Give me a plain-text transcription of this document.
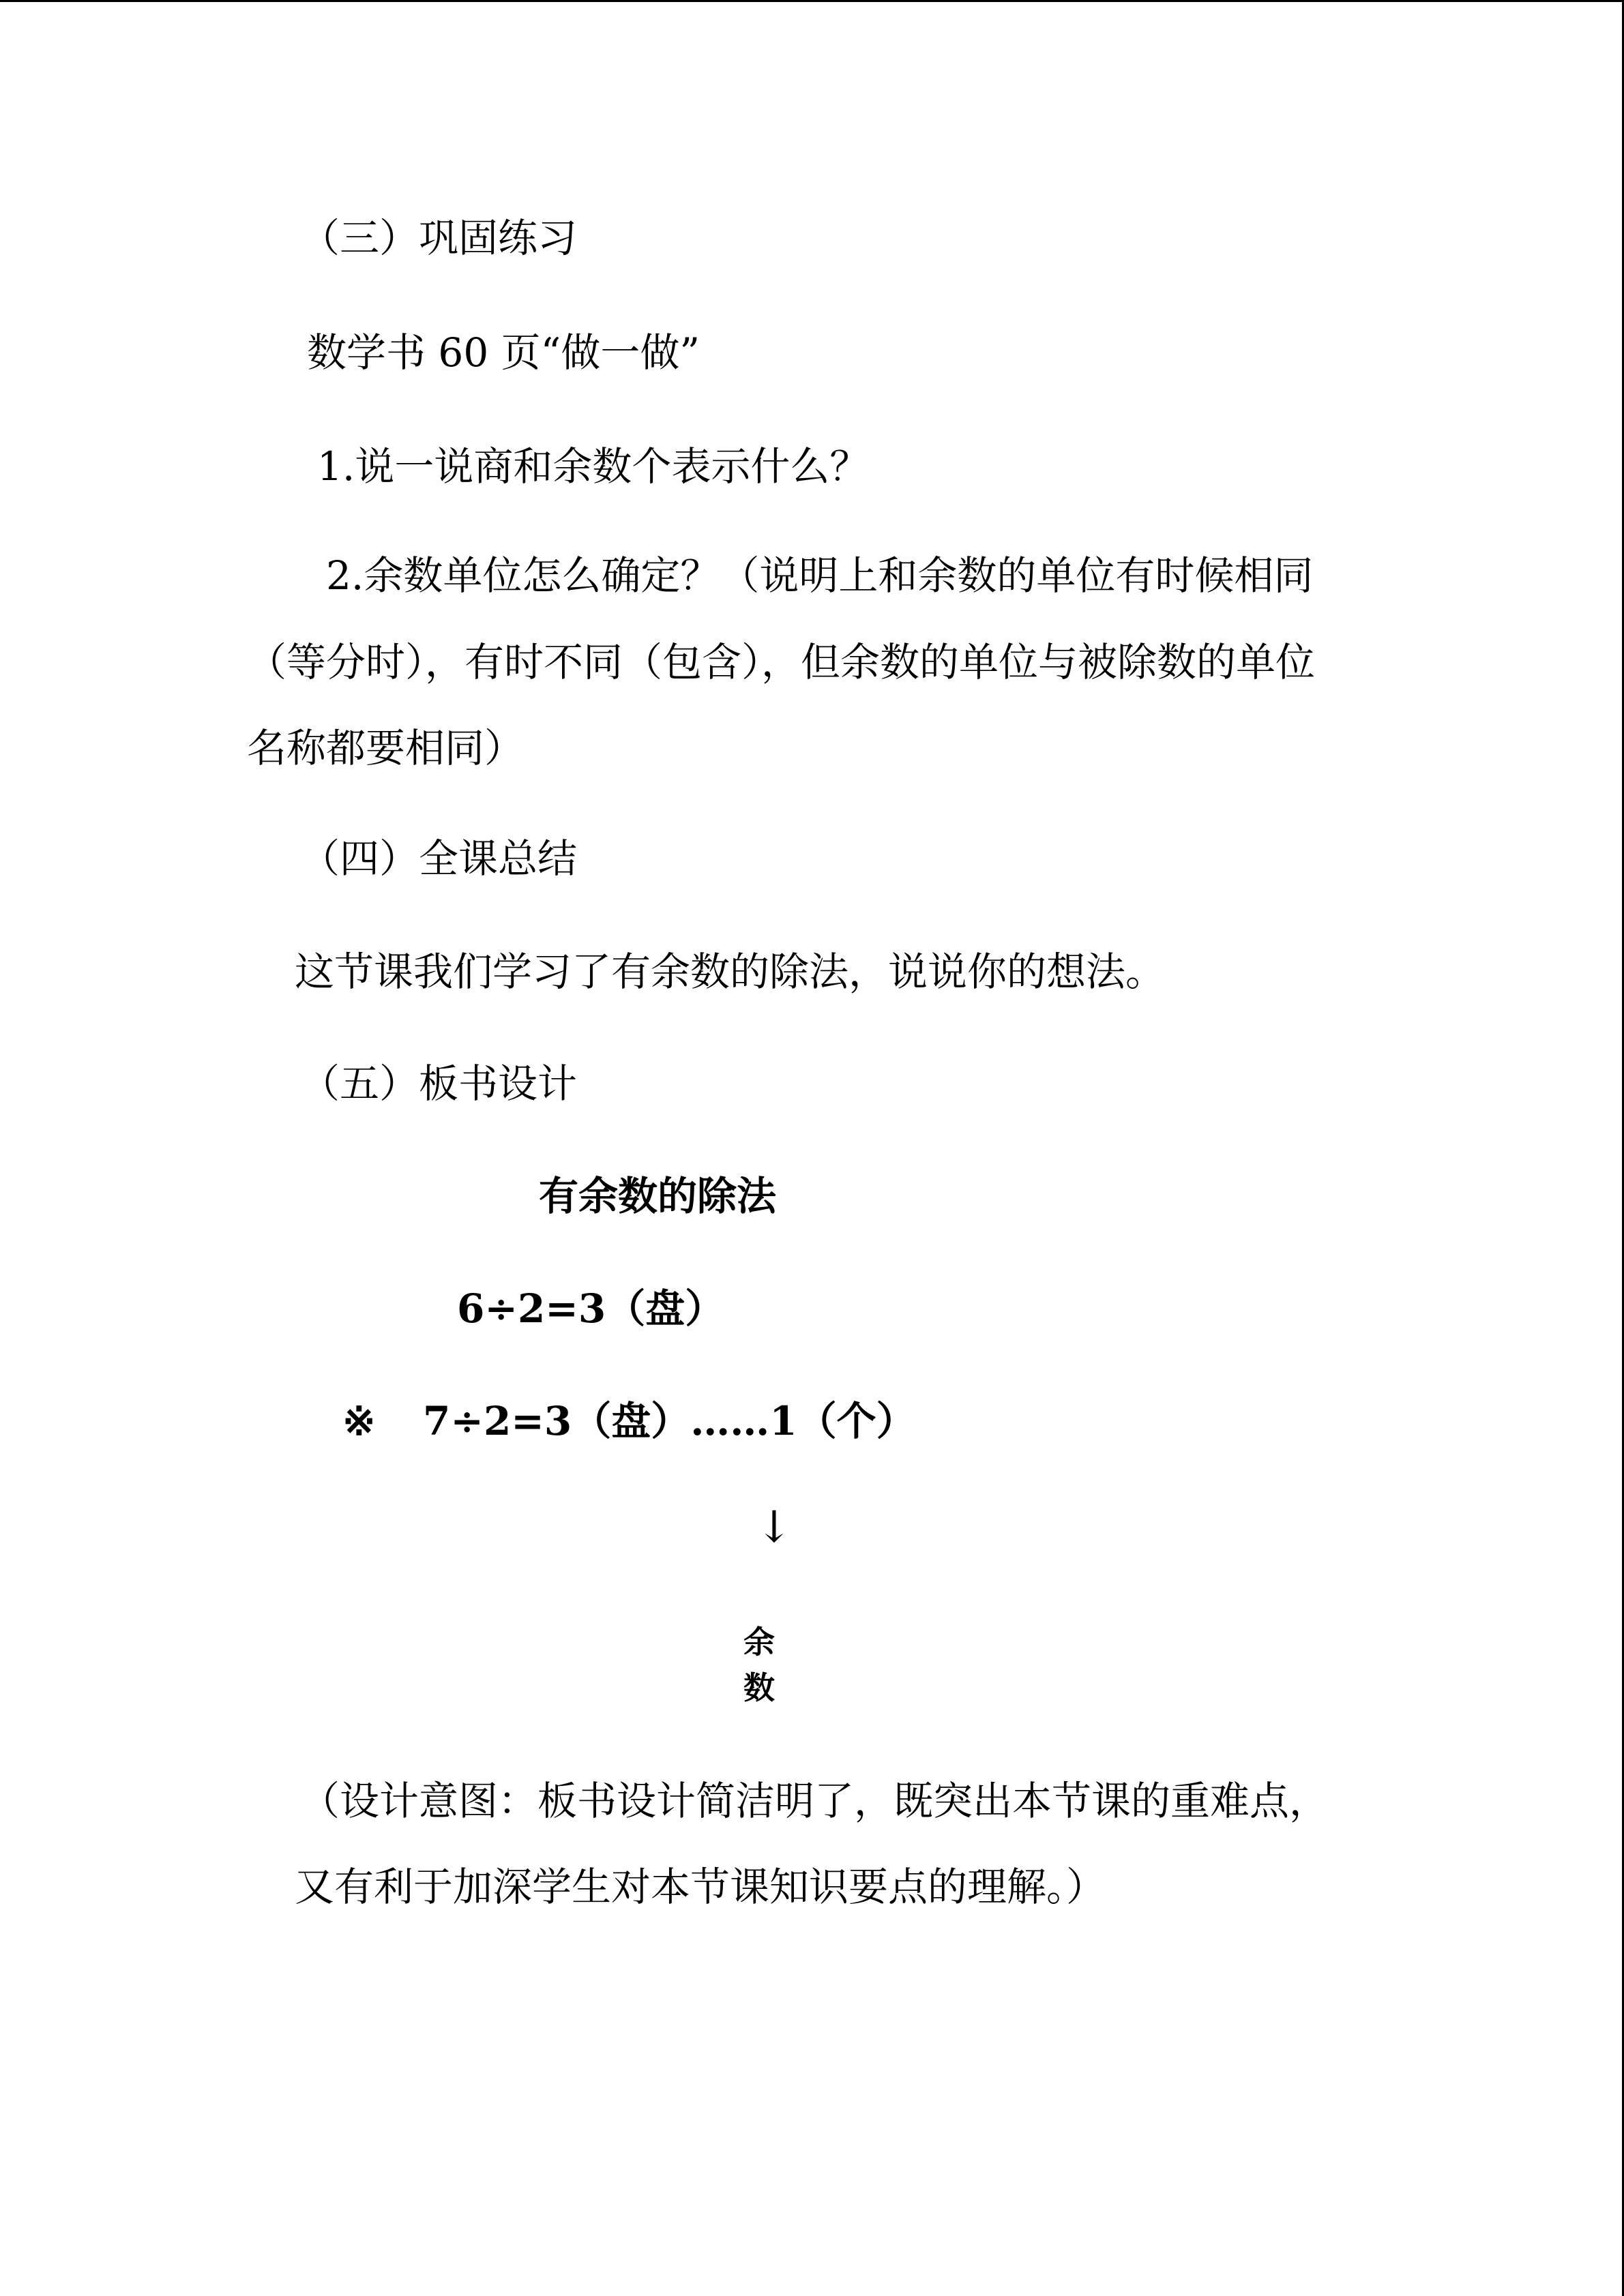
（三）巩固练习
数学书 60 页“做一做”
1.说一说商和余数个表示什么？
2.余数单位怎么确定？（说明上和余数的单位有时候相同
（等分时），有时不同（包含），但余数的单位与被除数的单位
名称都要相同）
（四）全课总结
这节课我们学习了有余数的除法，说说你的想法。
（五）板书设计
有余数的除法
6÷2=3（盘）
※ 7÷2=3（盘）……1（个）
↓
余
数
（设计意图：板书设计简洁明了，既突出本节课的重难点，
又有利于加深学生对本节课知识要点的理解。）
